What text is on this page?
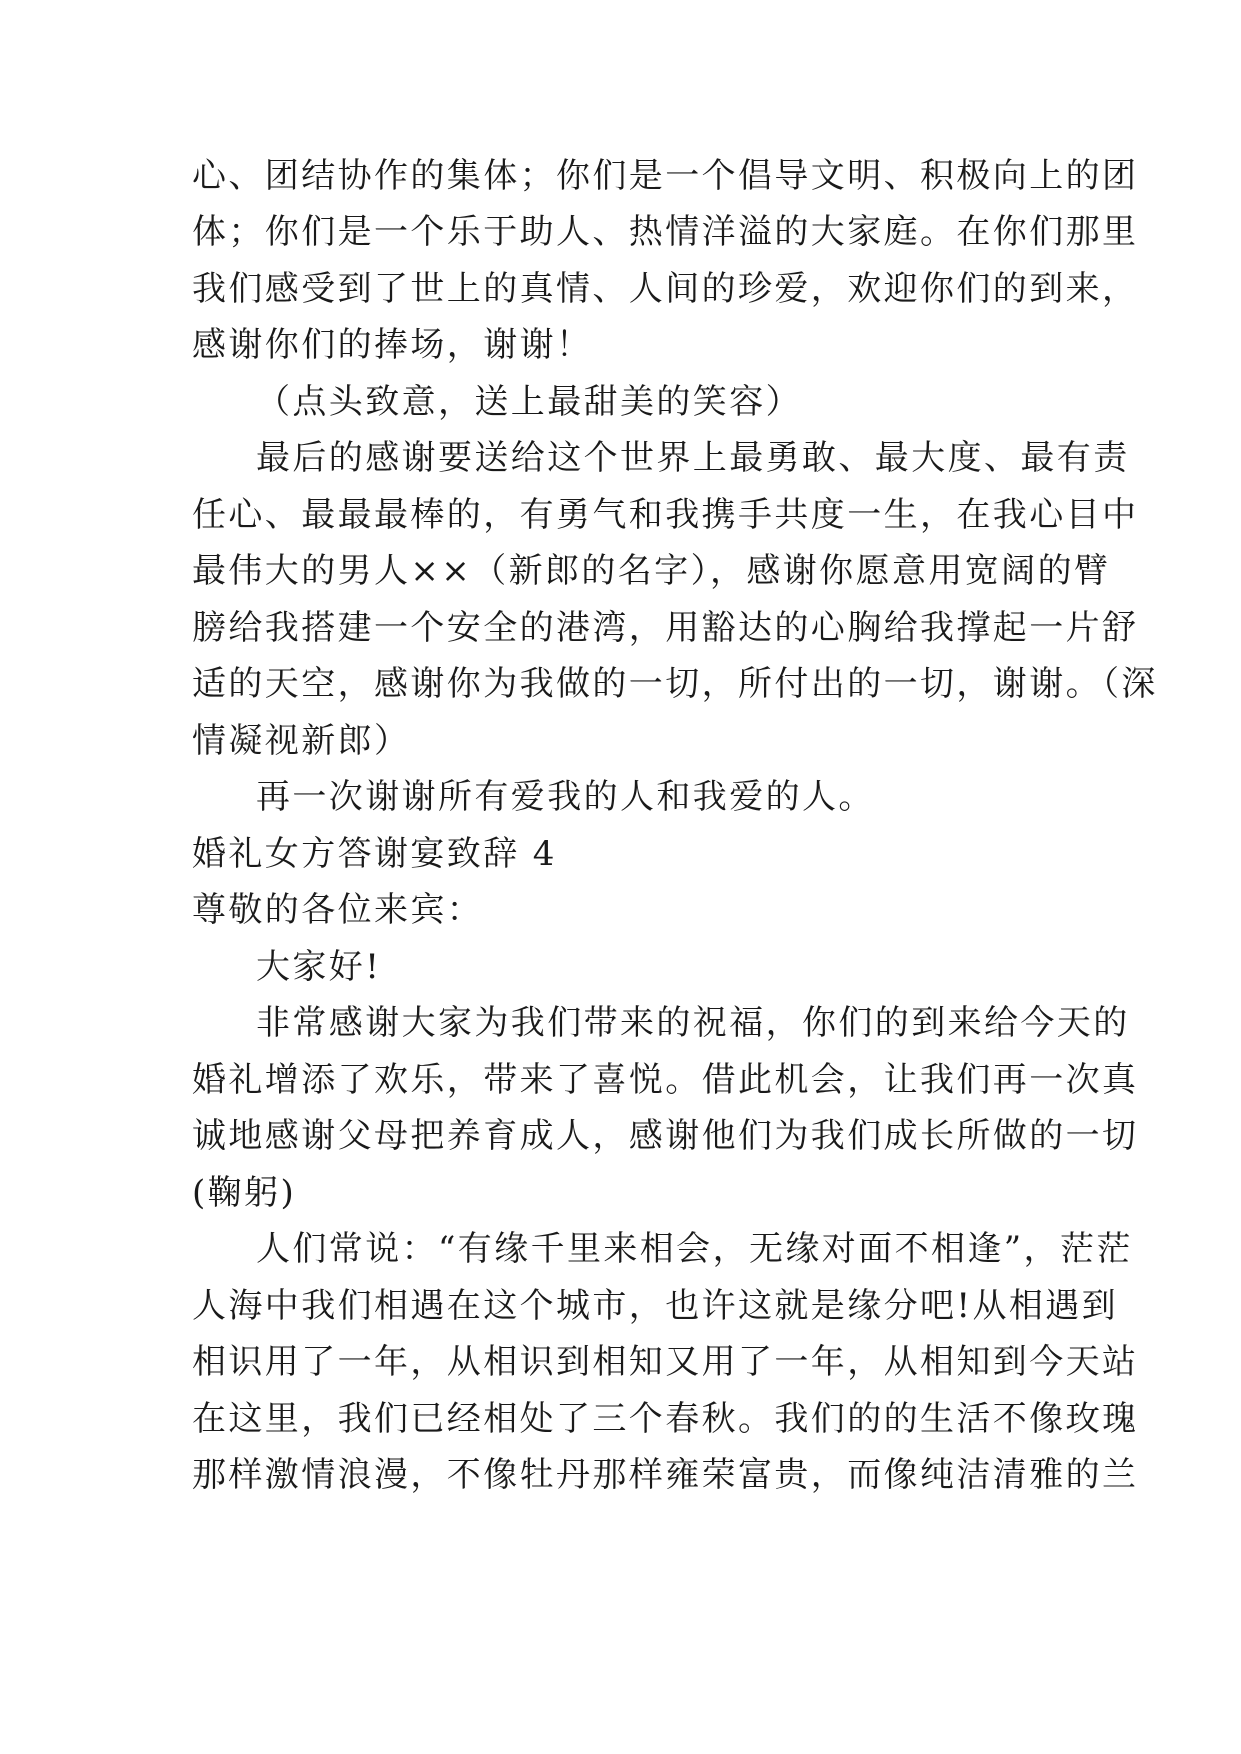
心、团结协作的集体；你们是一个倡导文明、积极向上的团
体；你们是一个乐于助人、热情洋溢的大家庭。在你们那里
我们感受到了世上的真情、人间的珍爱，欢迎你们的到来，
感谢你们的捧场，谢谢！
（点头致意，送上最甜美的笑容）
最后的感谢要送给这个世界上最勇敢、最大度、最有责
任心、最最最棒的，有勇气和我携手共度一生，在我心目中
最伟大的男人××（新郎的名字），感谢你愿意用宽阔的臂
膀给我搭建一个安全的港湾，用豁达的心胸给我撑起一片舒
适的天空，感谢你为我做的一切，所付出的一切，谢谢。（深
情凝视新郎）
再一次谢谢所有爱我的人和我爱的人。
婚礼女方答谢宴致辞 4
尊敬的各位来宾：
大家好!
非常感谢大家为我们带来的祝福，你们的到来给今天的
婚礼增添了欢乐，带来了喜悦。借此机会，让我们再一次真
诚地感谢父母把养育成人，感谢他们为我们成长所做的一切
(鞠躬)
人们常说：“有缘千里来相会，无缘对面不相逢”，茫茫
人海中我们相遇在这个城市，也许这就是缘分吧!从相遇到
相识用了一年，从相识到相知又用了一年，从相知到今天站
在这里，我们已经相处了三个春秋。我们的的生活不像玫瑰
那样激情浪漫，不像牡丹那样雍荣富贵，而像纯洁清雅的兰
